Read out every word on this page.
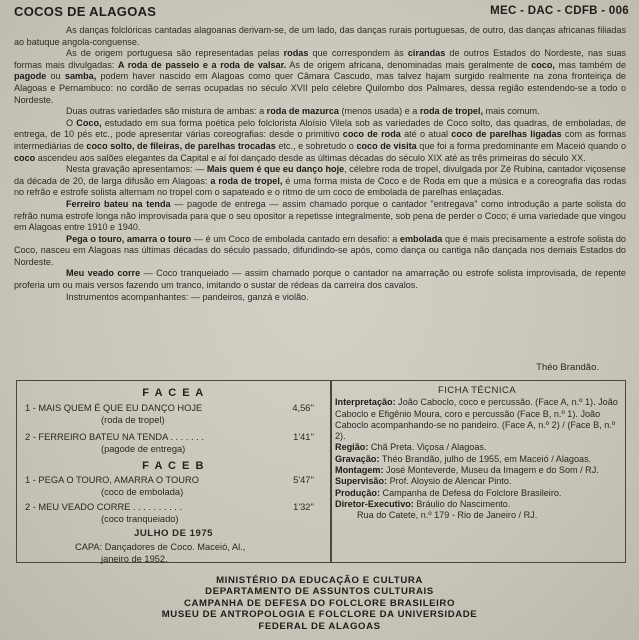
COCOS DE ALAGOAS	MEC - DAC - CDFB - 006

As danças folclóricas cantadas alagoanas derivam-se, de um lado, das danças rurais portuguesas, de outro, das danças africanas filiadas ao batuque angola-conguense.

As de origem portuguesa são representadas pelas rodas que correspondem às cirandas de outros Estados do Nordeste, nas suas formas mais divulgadas: A roda de passeio e a roda de valsar. As de origem africana, denominadas mais geralmente de coco, mas também de pagode ou samba, podem haver nascido em Alagoas como quer Câmara Cascudo, mas talvez hajam surgido realmente na zona fronteiriça de Alagoas e Pernambuco: no cordão de serras ocupadas no século XVII pelo célebre Quilombo dos Palmares, dessa região estendendo-se a todo o Nordeste.

Duas outras variedades são mistura de ambas: a roda de mazurca (menos usada) e a roda de tropel, mais comum.

O Coco, estudado em sua forma poética pelo folclorista Aloísio Vilela sob as variedades de Coco solto, das quadras, de emboladas, de entrega, de 10 pés etc., pode apresentar várias coreografias: desde o primitivo coco de roda até o atual coco de parelhas ligadas com as formas intermediárias de coco solto, de fileiras, de parelhas trocadas etc., e sobretudo o coco de visita que foi a forma predominante em Maceió quando o coco ascendeu aos salões elegantes da Capital e aí foi dançado desde as últimas décadas do século XIX até as três primeiras do século XX.

Nesta gravação apresentamos: — Mais quem é que eu danço hoje, célebre roda de tropel, divulgada por Zé Rubina, cantador viçosense da década de 20, de larga difusão em Alagoas: a roda de tropel, é uma forma mista de Coco e de Roda em que a música e a coreografia das rodas no refrão e estrofe solista alternam no tropel com o sapateado e o ritmo de um coco de embolada de parelhas enlaçadas.

Ferreiro bateu na tenda — pagode de entrega — assim chamado porque o cantador "entregava" como introdução a parte solista do refrão numa estrofe longa não improvisada para que o seu opositor a repetisse integralmente, sob pena de perder o Coco; é uma variedade que vingou em Alagoas entre 1910 e 1940.

Pega o touro, amarra o touro — é um Coco de embolada cantado em desafio: a embolada que é mais precisamente a estrofe solista do Coco, nasceu em Alagoas nas últimas décadas do século passado, difundindo-se após, como dança ou cantiga não dançada nos demais Estados do Nordeste.

Meu veado corre — Coco tranqueiado — assim chamado porque o cantador na amarração ou estrofe solista improvisada, de repente proferia um ou mais versos fazendo um tranco, imitando o sustar de rédeas da carreira dos cavalos.

Instrumentos acompanhantes: — pandeiros, ganzá e violão.

Théo Brandão.
F A C E A
1 - MAIS QUEM É QUE EU DANÇO HOJE	4,56''
(roda de tropel)
2 - FERREIRO BATEU NA TENDA . . . . . . .	1'41''
(pagode de entrega)
F A C E B
1 - PEGA O TOURO, AMARRA O TOURO	5'47''
(coco de embolada)
2 - MEU VEADO CORRE . . . . . . . . . .	1'32''
(coco tranqueiado)
JULHO DE 1975
CAPA: Dançadores de Coco. Maceió, Al.,
janeiro de 1952.
FICHA TÉCNICA
Interpretação: João Caboclo, coco e percussão. (Face A, n.º 1). João Caboclo e Efigênio Moura, coro e percussão (Face B, n.º 1). João Caboclo acompanhando-se no pandeiro. (Face A, n.º 2) / (Face B, n.º 2).
Região: Chã Preta. Viçosa / Alagoas.
Gravação: Théo Brandão, julho de 1955, em Maceió / Alagoas.
Montagem: José Monteverde, Museu da Imagem e do Som / RJ.
Supervisão: Prof. Aloysio de Alencar Pinto.
Produção: Campanha de Defesa do Folclore Brasileiro.
Diretor-Executivo: Bráulio do Nascimento.
Rua do Catete, n.º 179 - Rio de Janeiro / RJ.
MINISTÉRIO DA EDUCAÇÃO E CULTURA
DEPARTAMENTO DE ASSUNTOS CULTURAIS
CAMPANHA DE DEFESA DO FOLCLORE BRASILEIRO
MUSEU DE ANTROPOLOGIA E FOLCLORE DA UNIVERSIDADE
FEDERAL DE ALAGOAS
